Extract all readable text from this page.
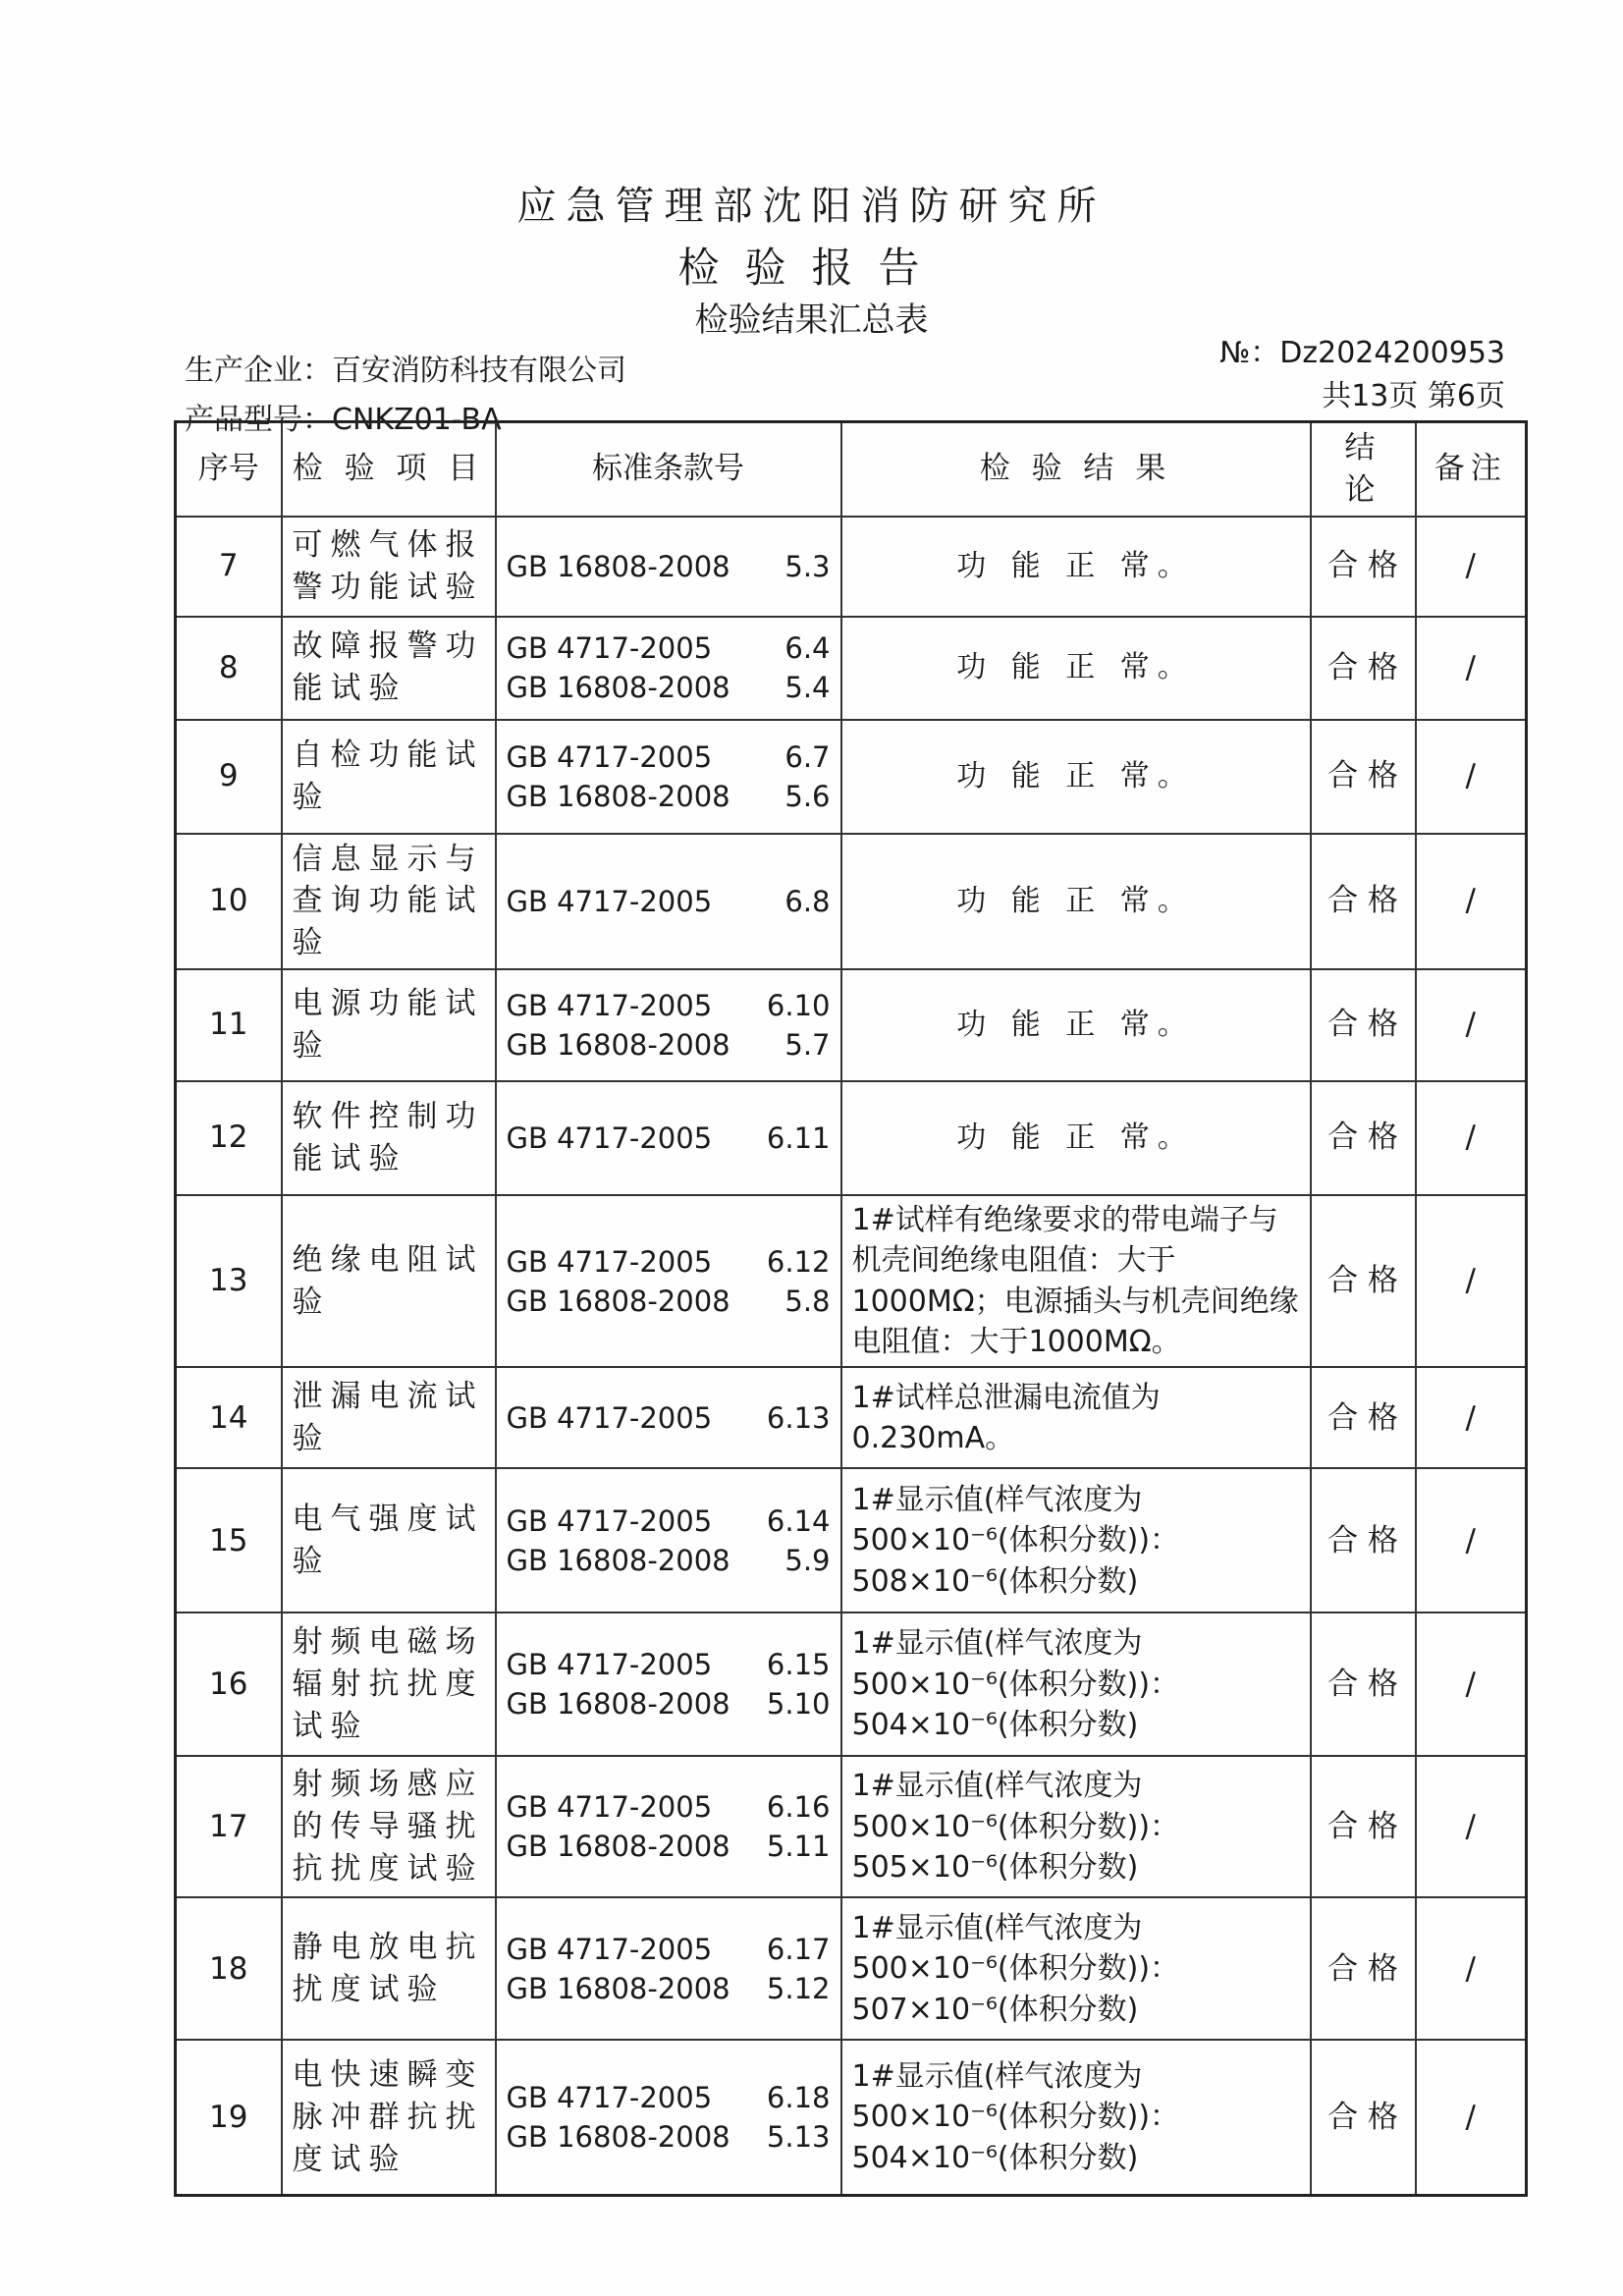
应急管理部沈阳消防研究所
检验报告
检验结果汇总表
生产企业：百安消防科技有限公司
产品型号：CNKZ01-BA
№：Dz2024200953
共13页 第6页
序号	检 验 项 目	标准条款号	检 验 结 果	结 论	备注
7	可燃气体报警功能试验	GB 16808-2008 5.3	功 能 正 常。	合 格	/
8	故障报警功能试验	GB 4717-2005 6.4
GB 16808-2008 5.4	功 能 正 常。	合 格	/
9	自检功能试验	GB 4717-2005 6.7
GB 16808-2008 5.6	功 能 正 常。	合 格	/
10	信息显示与查询功能试验	GB 4717-2005 6.8	功 能 正 常。	合 格	/
11	电源功能试验	GB 4717-2005 6.10
GB 16808-2008 5.7	功 能 正 常。	合 格	/
12	软件控制功能试验	GB 4717-2005 6.11	功 能 正 常。	合 格	/
13	绝缘电阻试验	GB 4717-2005 6.12
GB 16808-2008 5.8	1#试样有绝缘要求的带电端子与机壳间绝缘电阻值：大于1000MΩ；电源插头与机壳间绝缘电阻值：大于1000MΩ。	合 格	/
14	泄漏电流试验	GB 4717-2005 6.13	1#试样总泄漏电流值为0.230mA。	合 格	/
15	电气强度试验	GB 4717-2005 6.14
GB 16808-2008 5.9	1#显示值(样气浓度为 500×10⁻⁶(体积分数))：508×10⁻⁶(体积分数)	合 格	/
16	射频电磁场辐射抗扰度试验	GB 4717-2005 6.15
GB 16808-2008 5.10	1#显示值(样气浓度为 500×10⁻⁶(体积分数))：504×10⁻⁶(体积分数)	合 格	/
17	射频场感应的传导骚扰抗扰度试验	GB 4717-2005 6.16
GB 16808-2008 5.11	1#显示值(样气浓度为 500×10⁻⁶(体积分数))：505×10⁻⁶(体积分数)	合 格	/
18	静电放电抗扰度试验	GB 4717-2005 6.17
GB 16808-2008 5.12	1#显示值(样气浓度为 500×10⁻⁶(体积分数))：507×10⁻⁶(体积分数)	合 格	/
19	电快速瞬变脉冲群抗扰度试验	GB 4717-2005 6.18
GB 16808-2008 5.13	1#显示值(样气浓度为 500×10⁻⁶(体积分数))：504×10⁻⁶(体积分数)	合 格	/
